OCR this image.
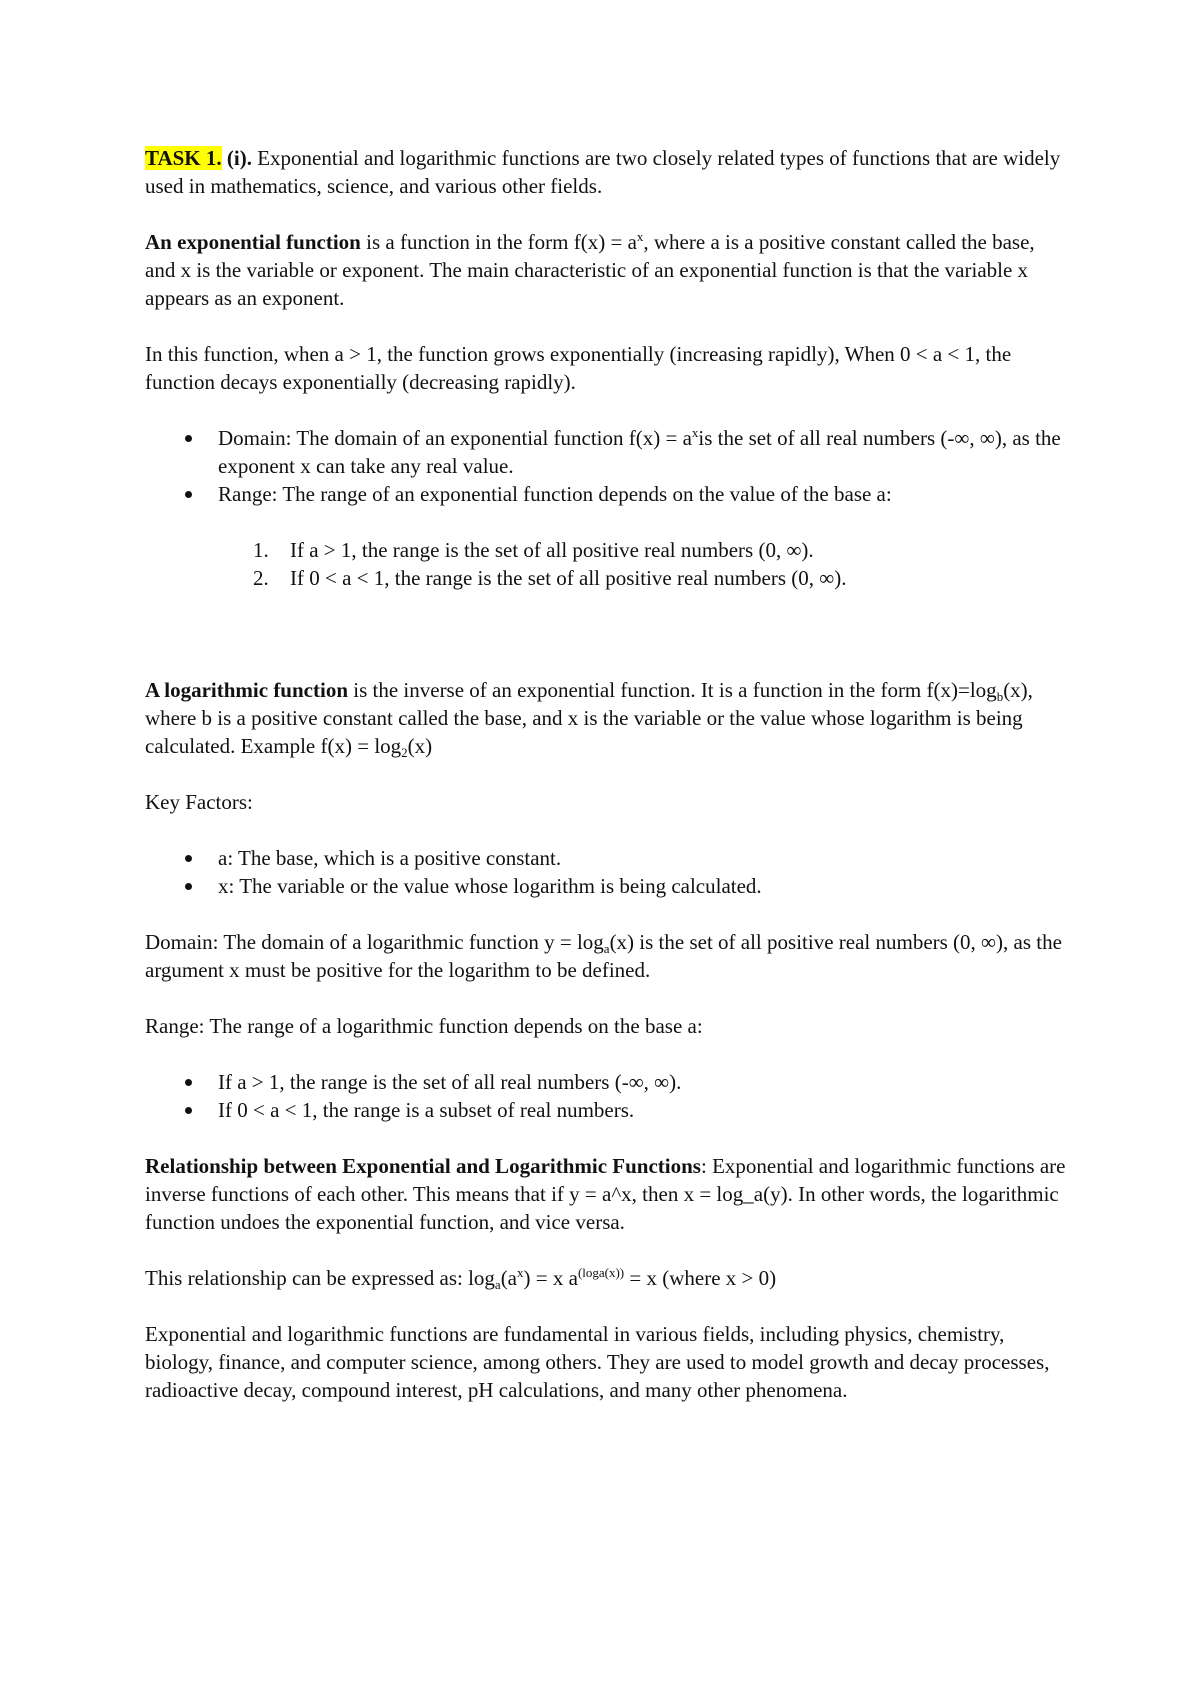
TASK 1. (i). Exponential and logarithmic functions are two closely related types of functions that are widely used in mathematics, science, and various other fields.

An exponential function is a function in the form $f(x) = a^x$, where a is a positive constant called the base, and x is the variable or exponent. The main characteristic of an exponential function is that the variable x appears as an exponent.

In this function, when a > 1, the function grows exponentially (increasing rapidly), When 0 < a < 1, the function decays exponentially (decreasing rapidly).

Domain: The domain of an exponential function $f(x) = a^xis$ the set of all real numbers (-∞, ∞), as the exponent x can take any real value.
Range: The range of an exponential function depends on the value of the base a:
1. If a > 1, the range is the set of all positive real numbers (0, ∞).
2. If 0 < a < 1, the range is the set of all positive real numbers (0, ∞).

A logarithmic function is the inverse of an exponential function. It is a function in the form $f(x)=\log_b(x)$, where b is a positive constant called the base, and x is the variable or the value whose logarithm is being calculated. Example $f(x) = \log_2(x)$

Key Factors:

a: The base, which is a positive constant.
x: The variable or the value whose logarithm is being calculated.

Domain: The domain of a logarithmic function $y = \log_a(x)$ is the set of all positive real numbers (0, ∞), as the argument x must be positive for the logarithm to be defined.

Range: The range of a logarithmic function depends on the base a:

If a > 1, the range is the set of all real numbers (-∞, ∞).
If 0 < a < 1, the range is a subset of real numbers.

Relationship between Exponential and Logarithmic Functions: Exponential and logarithmic functions are inverse functions of each other. This means that if y = a^x, then x = log_a(y). In other words, the logarithmic function undoes the exponential function, and vice versa.

This relationship can be expressed as: $\log_a(a^x) = x$ $a^{(loga(x))} = x$ (where x > 0)

Exponential and logarithmic functions are fundamental in various fields, including physics, chemistry, biology, finance, and computer science, among others. They are used to model growth and decay processes, radioactive decay, compound interest, pH calculations, and many other phenomena.
